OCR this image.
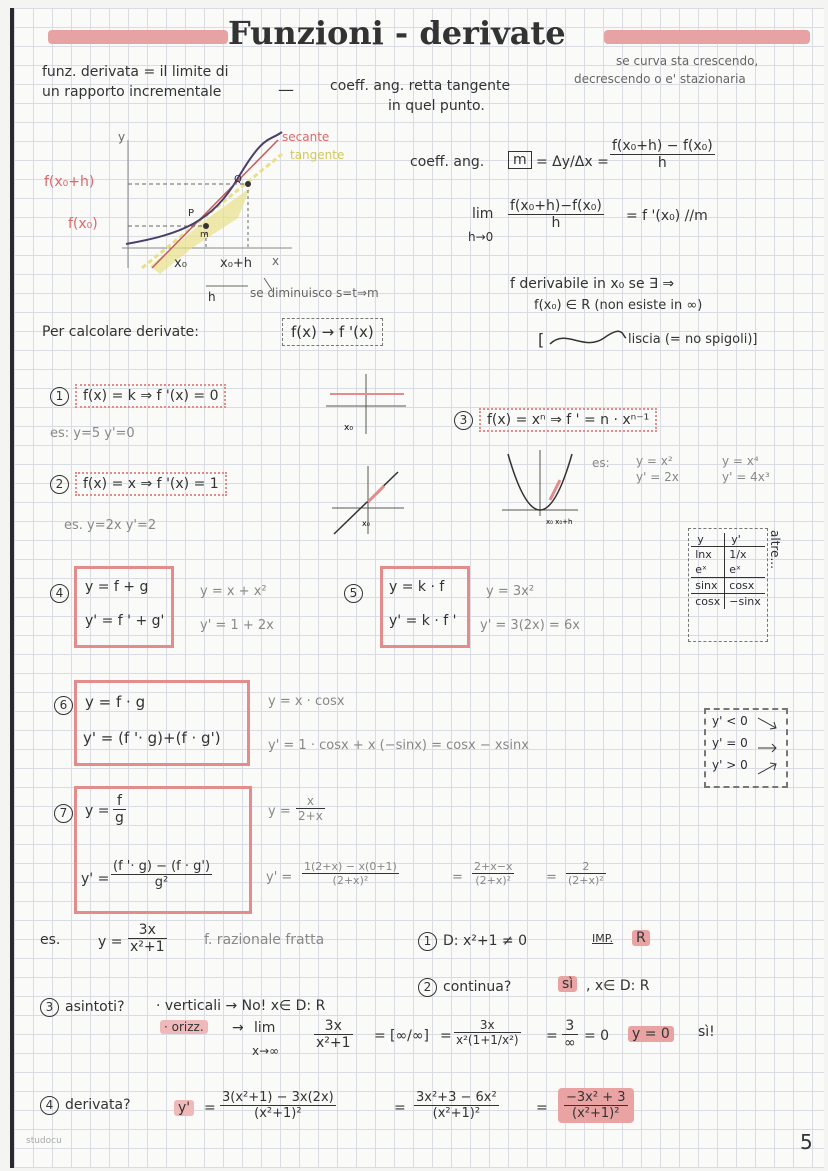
Funzioni - derivate
funz. derivata = il limite di
un rapporto incrementale	—	coeff. ang. retta tangente
in quel punto.
se curva sta crescendo,
decrescendo o e' stazionaria
coeff. ang.	$m = \Delta y/\Delta x = \frac{\text{f(x₀+h) − f(x₀)}}{h}$
lim
h→0
$\frac{\text{f(x₀+h)−f(x₀)}}{h} = f$ '(x₀) //m
f derivabile in x₀ se ∃ ⇒
f(x₀) ∈ R (non esiste in ∞)
[	liscia (= no spigoli)]
y
x
f(x₀+h)
f(x₀)
x₀	x₀+h
h
secante
tangente
P
Q
m
se diminuisco s=t⇒m
Per calcolare derivate:	f(x) → f '(x)
1 f(x) = k ⇒ f '(x) = 0
es: y=5 y'=0	x₀
2 f(x) = x ⇒ f '(x) = 1
es. y=2x y'=2	x₀
3 f(x) = xⁿ ⇒ f ' = n · xⁿ⁻¹
es: y = x²
y' = 2x
y = x⁴
y' = 4x³
x₀ x₀+h
y	y'
lnx	1/x
eˣ	eˣ
sinx	cosx
cosx	−sinx
altre...
4	y = f + g
y' = f ' + g'
y = x + x²
y' = 1 + 2x
5	y = k · f
y' = k · f '
y = 3x²
y' = 3(2x) = 6x
6	y = f · g
y' = (f '· g)+(f · g')
y = x · cosx
y' = 1 · cosx + x (−sinx) = cosx − xsinx
y' < 0
y' = 0
y' > 0
7	$y = \frac{f}{g}$
$y' = \frac{(f '\cdot g) - (f \cdot g')}{\text{g²}}$
$y = \frac{x}{2+x}$
$y' = \frac{1(2+x) - x(0+1)}{\text{(2+x)²}}$	= $\frac{2+x-x}{\text{(2+x)²}} = \frac{2}{\text{(2+x)²}}$
es.	$y = \frac{3x}{\text{x²+1}}$	f. razionale fratta	1 D: x²+1 ≠ 0	IMP. R
2 continua?	sì , x∈ D: R
3 asintoti? · verticali → No! x∈ D: R
· orizz. → lim
$x\to\infty \frac{3x}{\text{x²+1}}$ = [∞/∞] = $\frac{3x}{\text{x²(1+1/x²)}} = \frac{3}{\infty} = 0$ y = 0 sì!
4 derivata?	$y' = \frac{\text{3(x²+1) − 3x(2x)}}{\text{(x²+1)²}}$	= $\frac{\text{3x²+3 − 6x²}}{\text{(x²+1)²}}$	= $\frac{\text{−3x² + 3}}{\text{(x²+1)²}}$
studocu	5
